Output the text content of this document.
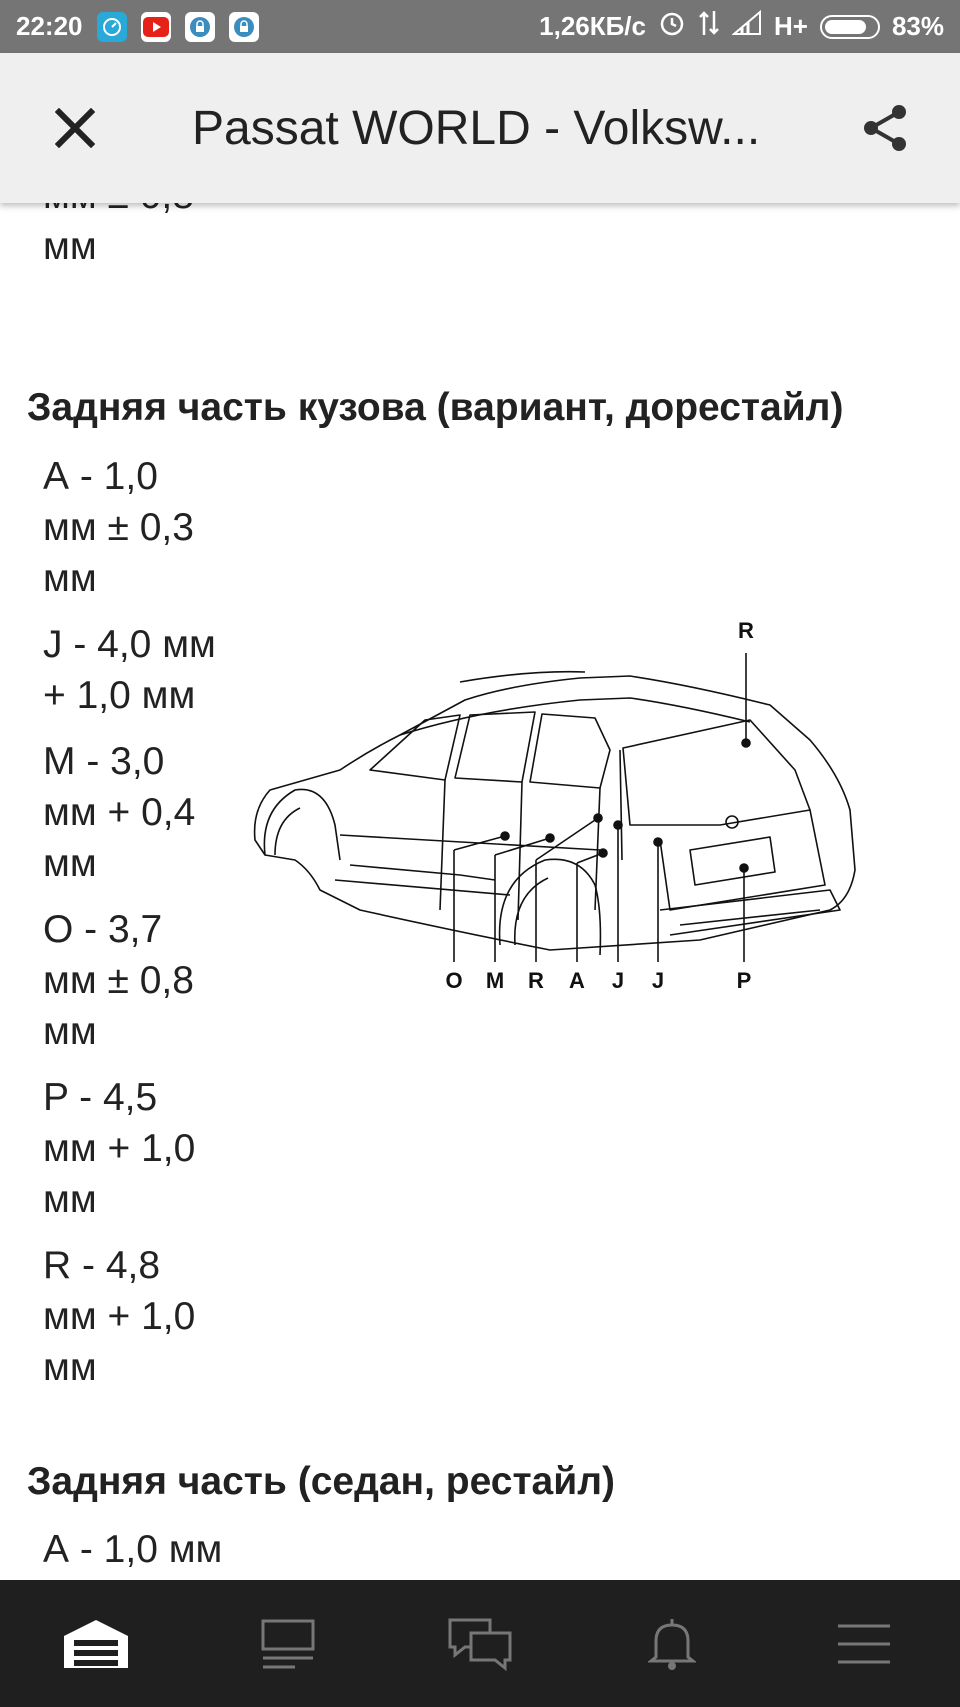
22:20	1,26КБ/с	H+	83%
Passat WORLD - Volksw...
мм
Задняя часть кузова (вариант, дорестайл)
А - 1,0
мм ± 0,3
мм
J - 4,0 мм
+ 1,0 мм
M - 3,0
мм + 0,4
мм
O - 3,7
мм ± 0,8
мм
P - 4,5
мм + 1,0
мм
R - 4,8
мм + 1,0
мм
R
O M R A J J	P
Задняя часть (седан, рестайл)
А - 1,0 мм
